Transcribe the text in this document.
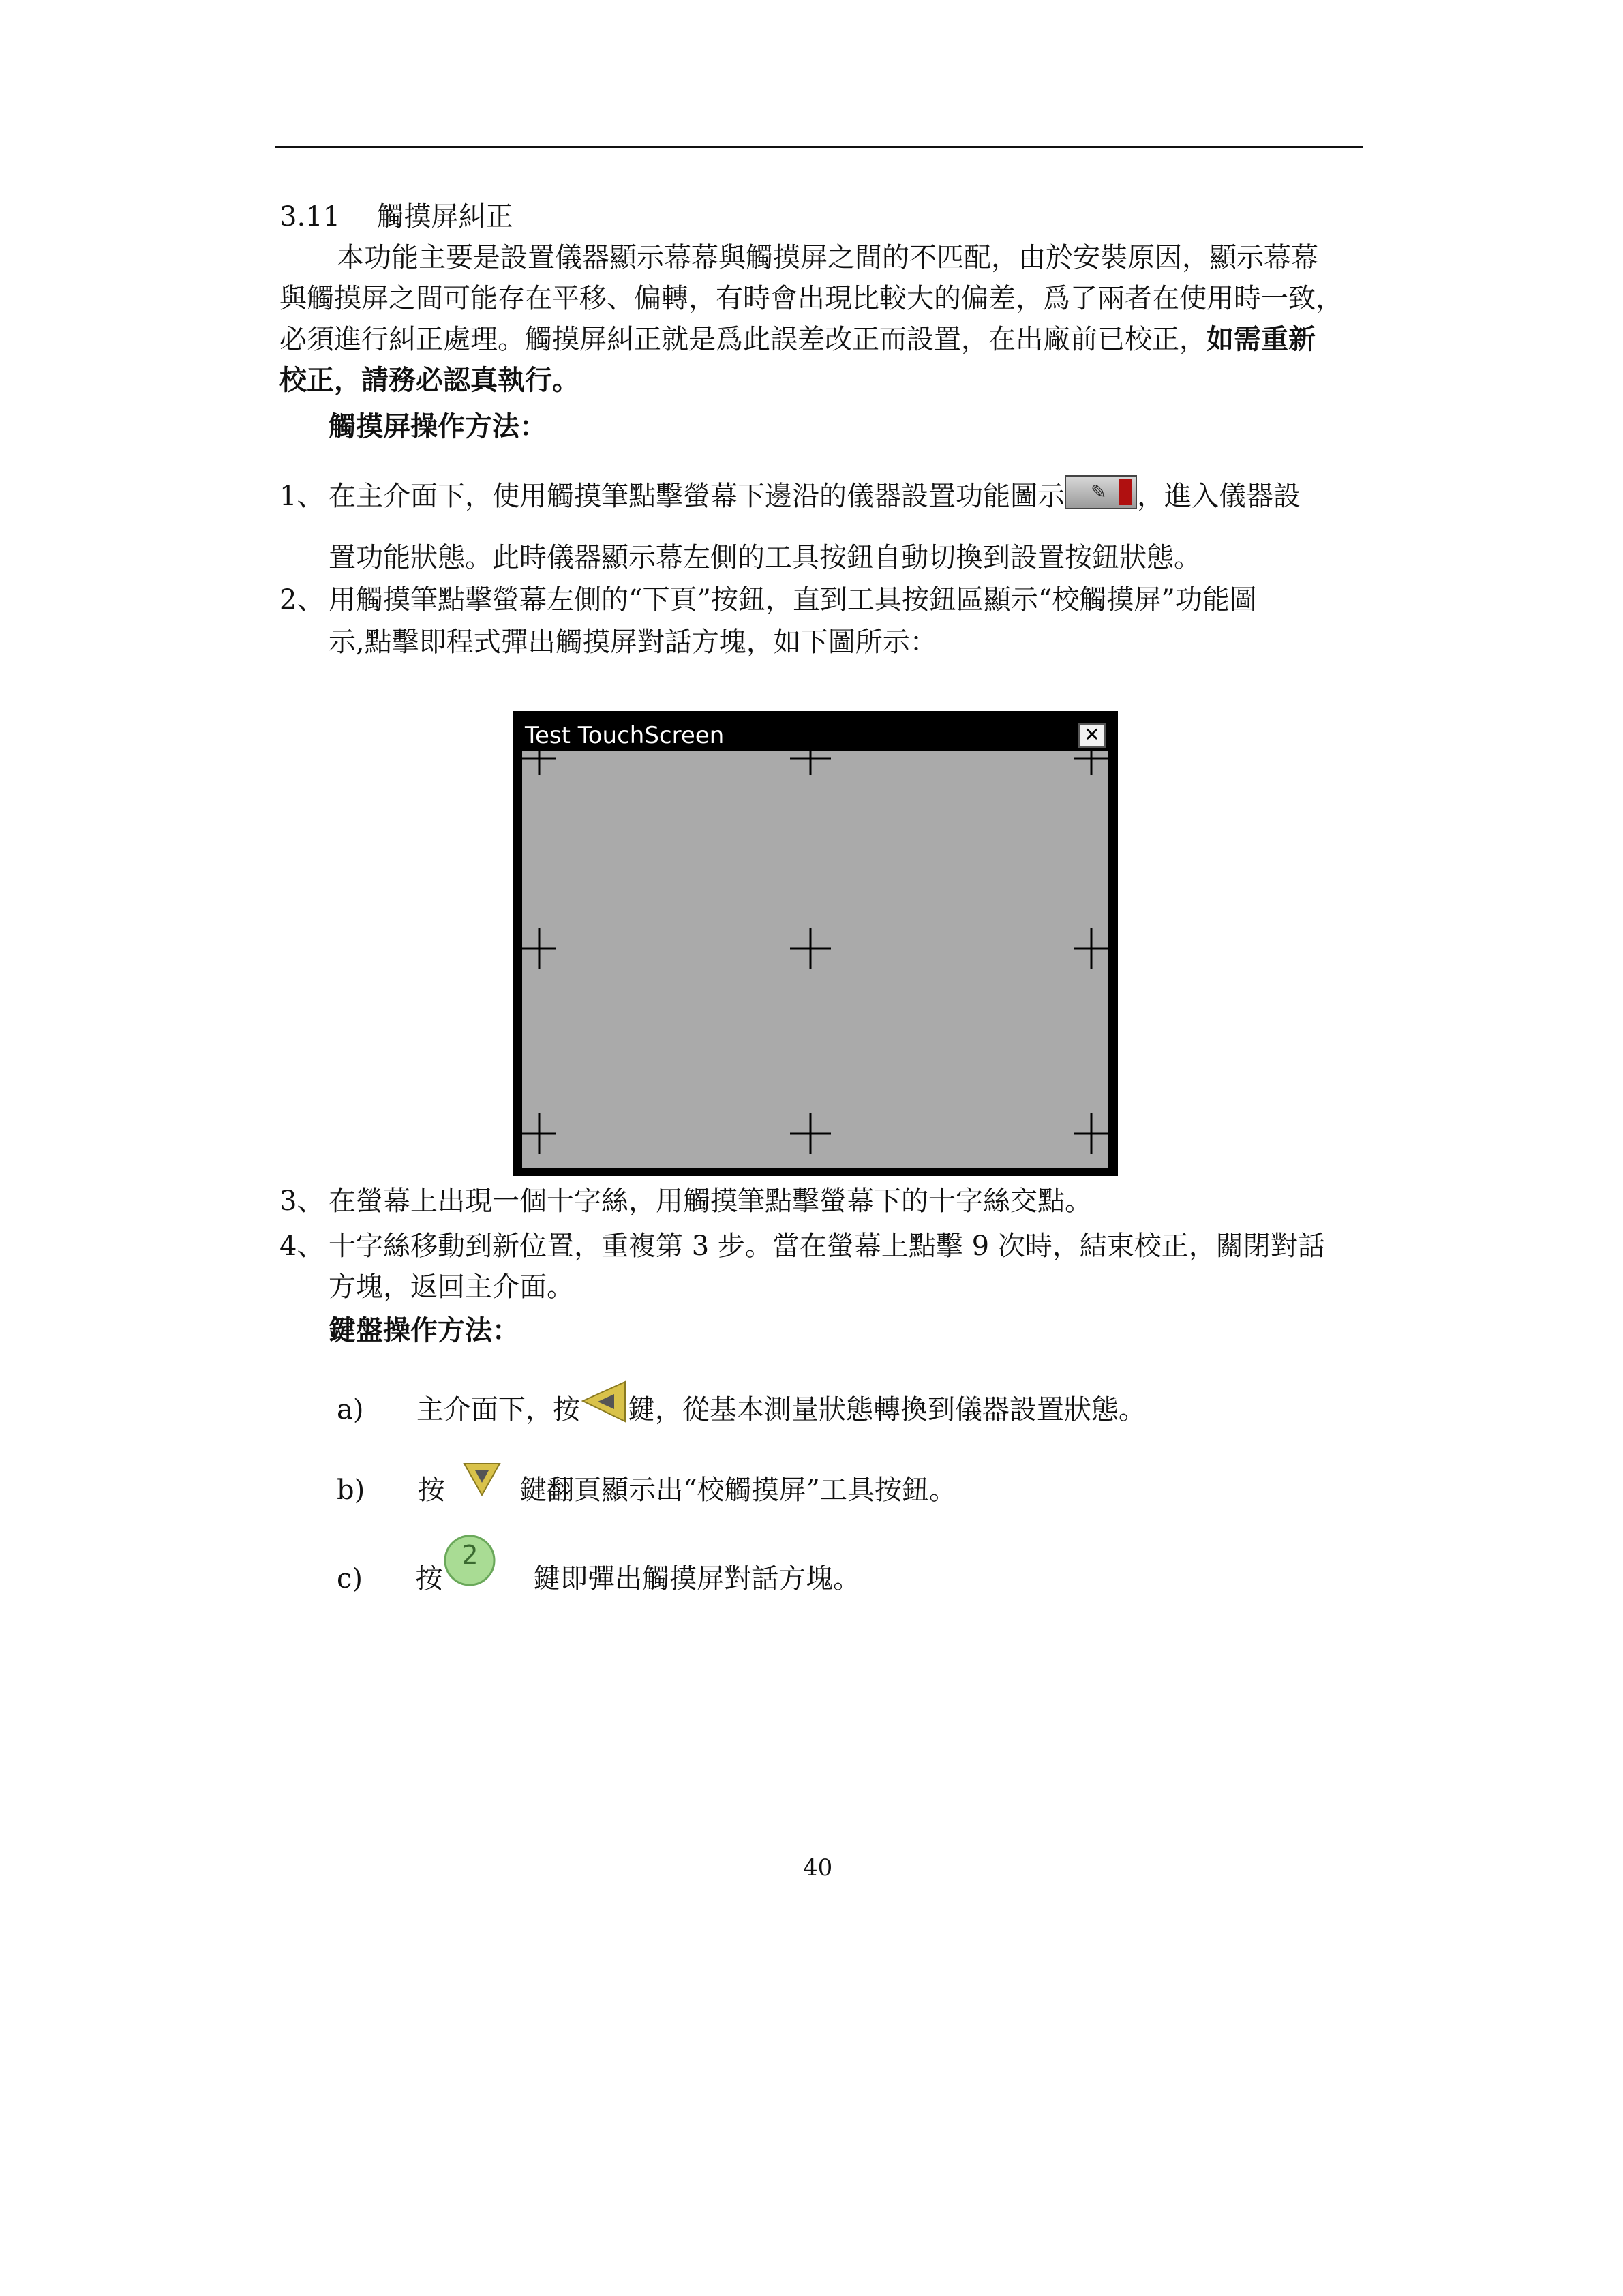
3.11 觸摸屏糾正
本功能主要是設置儀器顯示幕幕與觸摸屏之間的不匹配，由於安裝原因，顯示幕幕
與觸摸屏之間可能存在平移、偏轉，有時會出現比較大的偏差，爲了兩者在使用時一致，
必須進行糾正處理。觸摸屏糾正就是爲此誤差改正而設置，在出廠前已校正，如需重新
校正，請務必認真執行。
觸摸屏操作方法：
1、 在主介面下，使用觸摸筆點擊螢幕下邊沿的儀器設置功能圖示 ✎ ，進入儀器設
置功能狀態。此時儀器顯示幕左側的工具按鈕自動切換到設置按鈕狀態。
2、 用觸摸筆點擊螢幕左側的“下頁”按鈕，直到工具按鈕區顯示“校觸摸屏”功能圖
示,點擊即程式彈出觸摸屏對話方塊，如下圖所示：
Test TouchScreen	✕
3、 在螢幕上出現一個十字絲，用觸摸筆點擊螢幕下的十字絲交點。
4、 十字絲移動到新位置，重複第 3 步。當在螢幕上點擊 9 次時，結束校正，關閉對話
方塊，返回主介面。
鍵盤操作方法：
a) 主介面下，按 鍵，從基本測量狀態轉換到儀器設置狀態。
b) 按	鍵翻頁顯示出“校觸摸屏”工具按鈕。
c) 按
2
鍵即彈出觸摸屏對話方塊。
40
